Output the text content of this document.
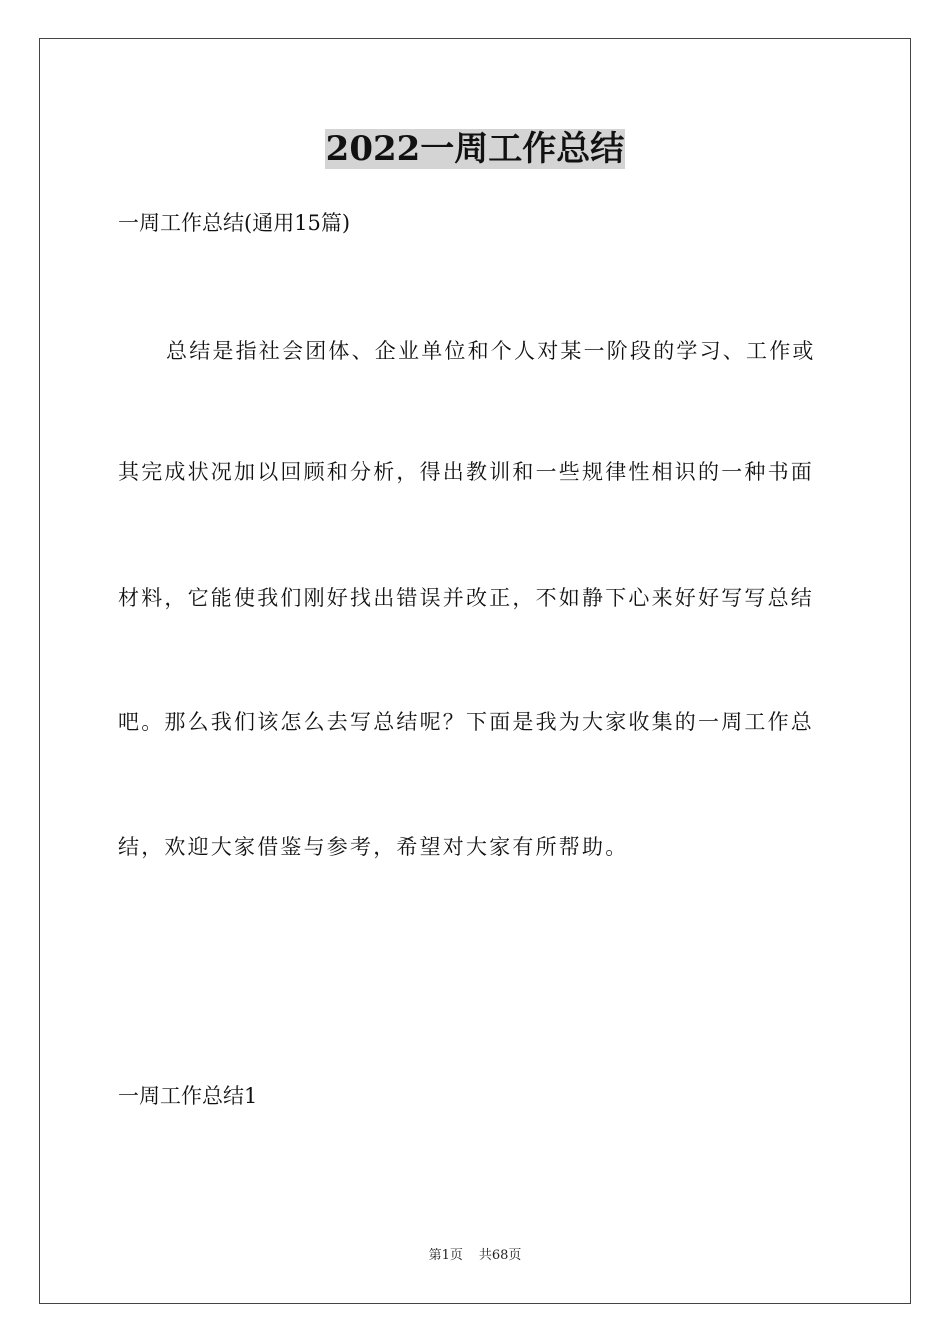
2022一周工作总结

一周工作总结(通用15篇)

总结是指社会团体、企业单位和个人对某一阶段的学习、工作或

其完成状况加以回顾和分析，得出教训和一些规律性相识的一种书面

材料，它能使我们刚好找出错误并改正，不如静下心来好好写写总结

吧。那么我们该怎么去写总结呢？下面是我为大家收集的一周工作总

结，欢迎大家借鉴与参考，希望对大家有所帮助。

一周工作总结1

第1页 共68页
